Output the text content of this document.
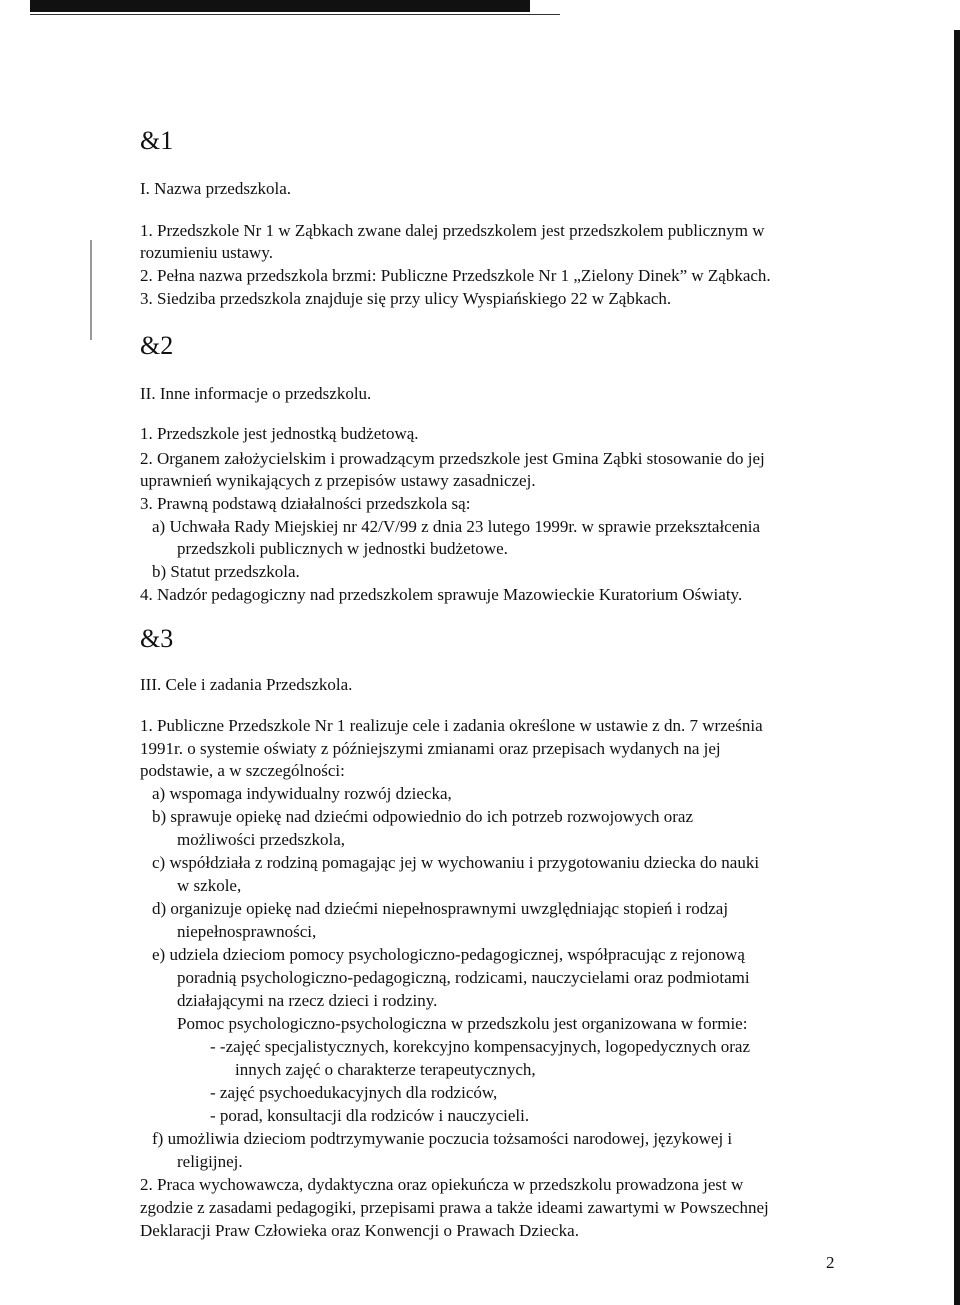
&1
I. Nazwa przedszkola.
1. Przedszkole Nr 1 w Ząbkach zwane dalej przedszkolem jest przedszkolem publicznym w
rozumieniu ustawy.
2. Pełna nazwa przedszkola brzmi: Publiczne Przedszkole Nr 1 „Zielony Dinek” w Ząbkach.
3. Siedziba przedszkola znajduje się przy ulicy Wyspiańskiego 22 w Ząbkach.
&2
II. Inne informacje o przedszkolu.
1. Przedszkole jest jednostką budżetową.
2. Organem założycielskim i prowadzącym przedszkole jest Gmina Ząbki stosowanie do jej
uprawnień wynikających z przepisów ustawy zasadniczej.
3. Prawną podstawą działalności przedszkola są:
a) Uchwała Rady Miejskiej nr 42/V/99 z dnia 23 lutego 1999r. w sprawie przekształcenia
przedszkoli publicznych w jednostki budżetowe.
b) Statut przedszkola.
4. Nadzór pedagogiczny nad przedszkolem sprawuje Mazowieckie Kuratorium Oświaty.
&3
III. Cele i zadania Przedszkola.
1. Publiczne Przedszkole Nr 1 realizuje cele i zadania określone w ustawie z dn. 7 września
1991r. o systemie oświaty z późniejszymi zmianami oraz przepisach wydanych na jej
podstawie, a w szczególności:
a) wspomaga indywidualny rozwój dziecka,
b) sprawuje opiekę nad dziećmi odpowiednio do ich potrzeb rozwojowych oraz
możliwości przedszkola,
c) współdziała z rodziną pomagając jej w wychowaniu i przygotowaniu dziecka do nauki
w szkole,
d) organizuje opiekę nad dziećmi niepełnosprawnymi uwzględniając stopień i rodzaj
niepełnosprawności,
e) udziela dzieciom pomocy psychologiczno-pedagogicznej, współpracując z rejonową
poradnią psychologiczno-pedagogiczną, rodzicami, nauczycielami oraz podmiotami
działającymi na rzecz dzieci i rodziny.
Pomoc psychologiczno-psychologiczna w przedszkolu jest organizowana w formie:
- -zajęć specjalistycznych, korekcyjno kompensacyjnych, logopedycznych oraz
innych zajęć o charakterze terapeutycznych,
- zajęć psychoedukacyjnych dla rodziców,
- porad, konsultacji dla rodziców i nauczycieli.
f) umożliwia dzieciom podtrzymywanie poczucia tożsamości narodowej, językowej i
religijnej.
2. Praca wychowawcza, dydaktyczna oraz opiekuńcza w przedszkolu prowadzona jest w
zgodzie z zasadami pedagogiki, przepisami prawa a także ideami zawartymi w Powszechnej
Deklaracji Praw Człowieka oraz Konwencji o Prawach Dziecka.
2
